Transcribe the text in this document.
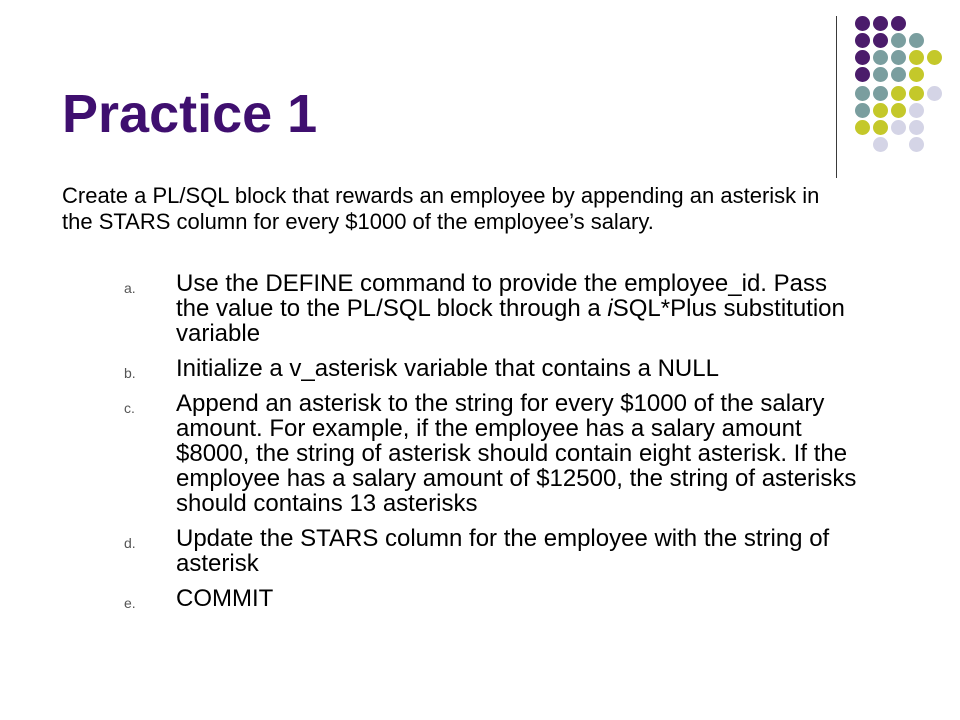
Practice 1

Create a PL/SQL block that rewards an employee by appending an asterisk in the STARS column for every $1000 of the employee’s salary.

a. Use the DEFINE command to provide the employee_id. Pass the value to the PL/SQL block through a iSQL*Plus substitution variable
b. Initialize a v_asterisk variable that contains a NULL
c. Append an asterisk to the string for every $1000 of the salary amount. For example, if the employee has a salary amount $8000, the string of asterisk should contain eight asterisk. If the employee has a salary amount of $12500, the string of asterisks should contains 13 asterisks
d. Update the STARS column for the employee with the string of asterisk
e. COMMIT
